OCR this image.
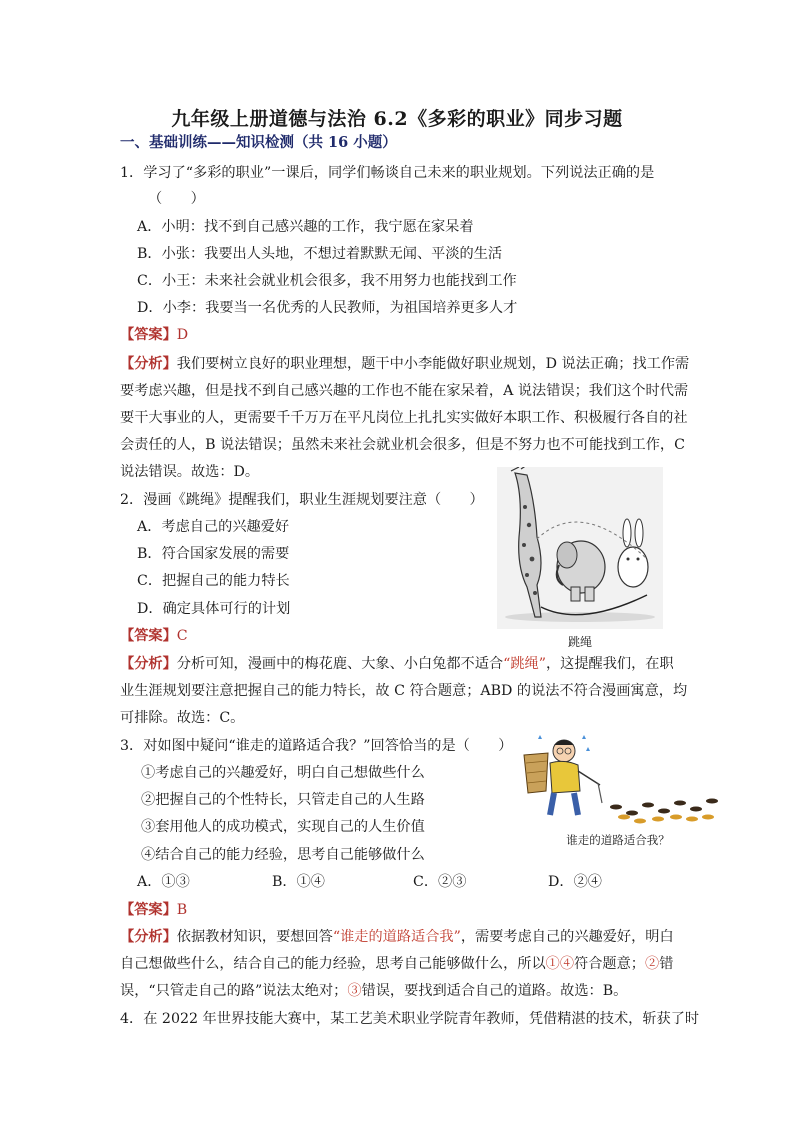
九年级上册道德与法治 6.2《多彩的职业》同步习题
一、基础训练——知识检测（共 16 小题）
1．学习了“多彩的职业”一课后，同学们畅谈自己未来的职业规划。下列说法正确的是
（　　）
A．小明：找不到自己感兴趣的工作，我宁愿在家呆着
B．小张：我要出人头地，不想过着默默无闻、平淡的生活
C．小王：未来社会就业机会很多，我不用努力也能找到工作
D．小李：我要当一名优秀的人民教师，为祖国培养更多人才
【答案】D
【分析】我们要树立良好的职业理想，题干中小李能做好职业规划，D 说法正确；找工作需
要考虑兴趣，但是找不到自己感兴趣的工作也不能在家呆着，A 说法错误；我们这个时代需
要干大事业的人，更需要千千万万在平凡岗位上扎扎实实做好本职工作、积极履行各自的社
会责任的人，B 说法错误；虽然未来社会就业机会很多，但是不努力也不可能找到工作，C
说法错误。故选：D。
2．漫画《跳绳》提醒我们，职业生涯规划要注意（　　）
A．考虑自己的兴趣爱好
B．符合国家发展的需要
C．把握自己的能力特长
D．确定具体可行的计划
跳绳
【答案】C
【分析】分析可知，漫画中的梅花鹿、大象、小白兔都不适合“跳绳”，这提醒我们，在职
业生涯规划要注意把握自己的能力特长，故 C 符合题意；ABD 的说法不符合漫画寓意，均
可排除。故选：C。
3．对如图中疑问“谁走的道路适合我？”回答恰当的是（　　）
①考虑自己的兴趣爱好，明白自己想做些什么
②把握自己的个性特长，只管走自己的人生路
③套用他人的成功模式，实现自己的人生价值
④结合自己的能力经验，思考自己能够做什么
A．①③	B．①④	C．②③	D．②④
谁走的道路适合我？
【答案】B
【分析】依据教材知识，要想回答“谁走的道路适合我”，需要考虑自己的兴趣爱好，明白
自己想做些什么，结合自己的能力经验，思考自己能够做什么，所以①④符合题意；②错
误，“只管走自己的路”说法太绝对；③错误，要找到适合自己的道路。故选：B。
4．在 2022 年世界技能大赛中，某工艺美术职业学院青年教师，凭借精湛的技术，斩获了时
